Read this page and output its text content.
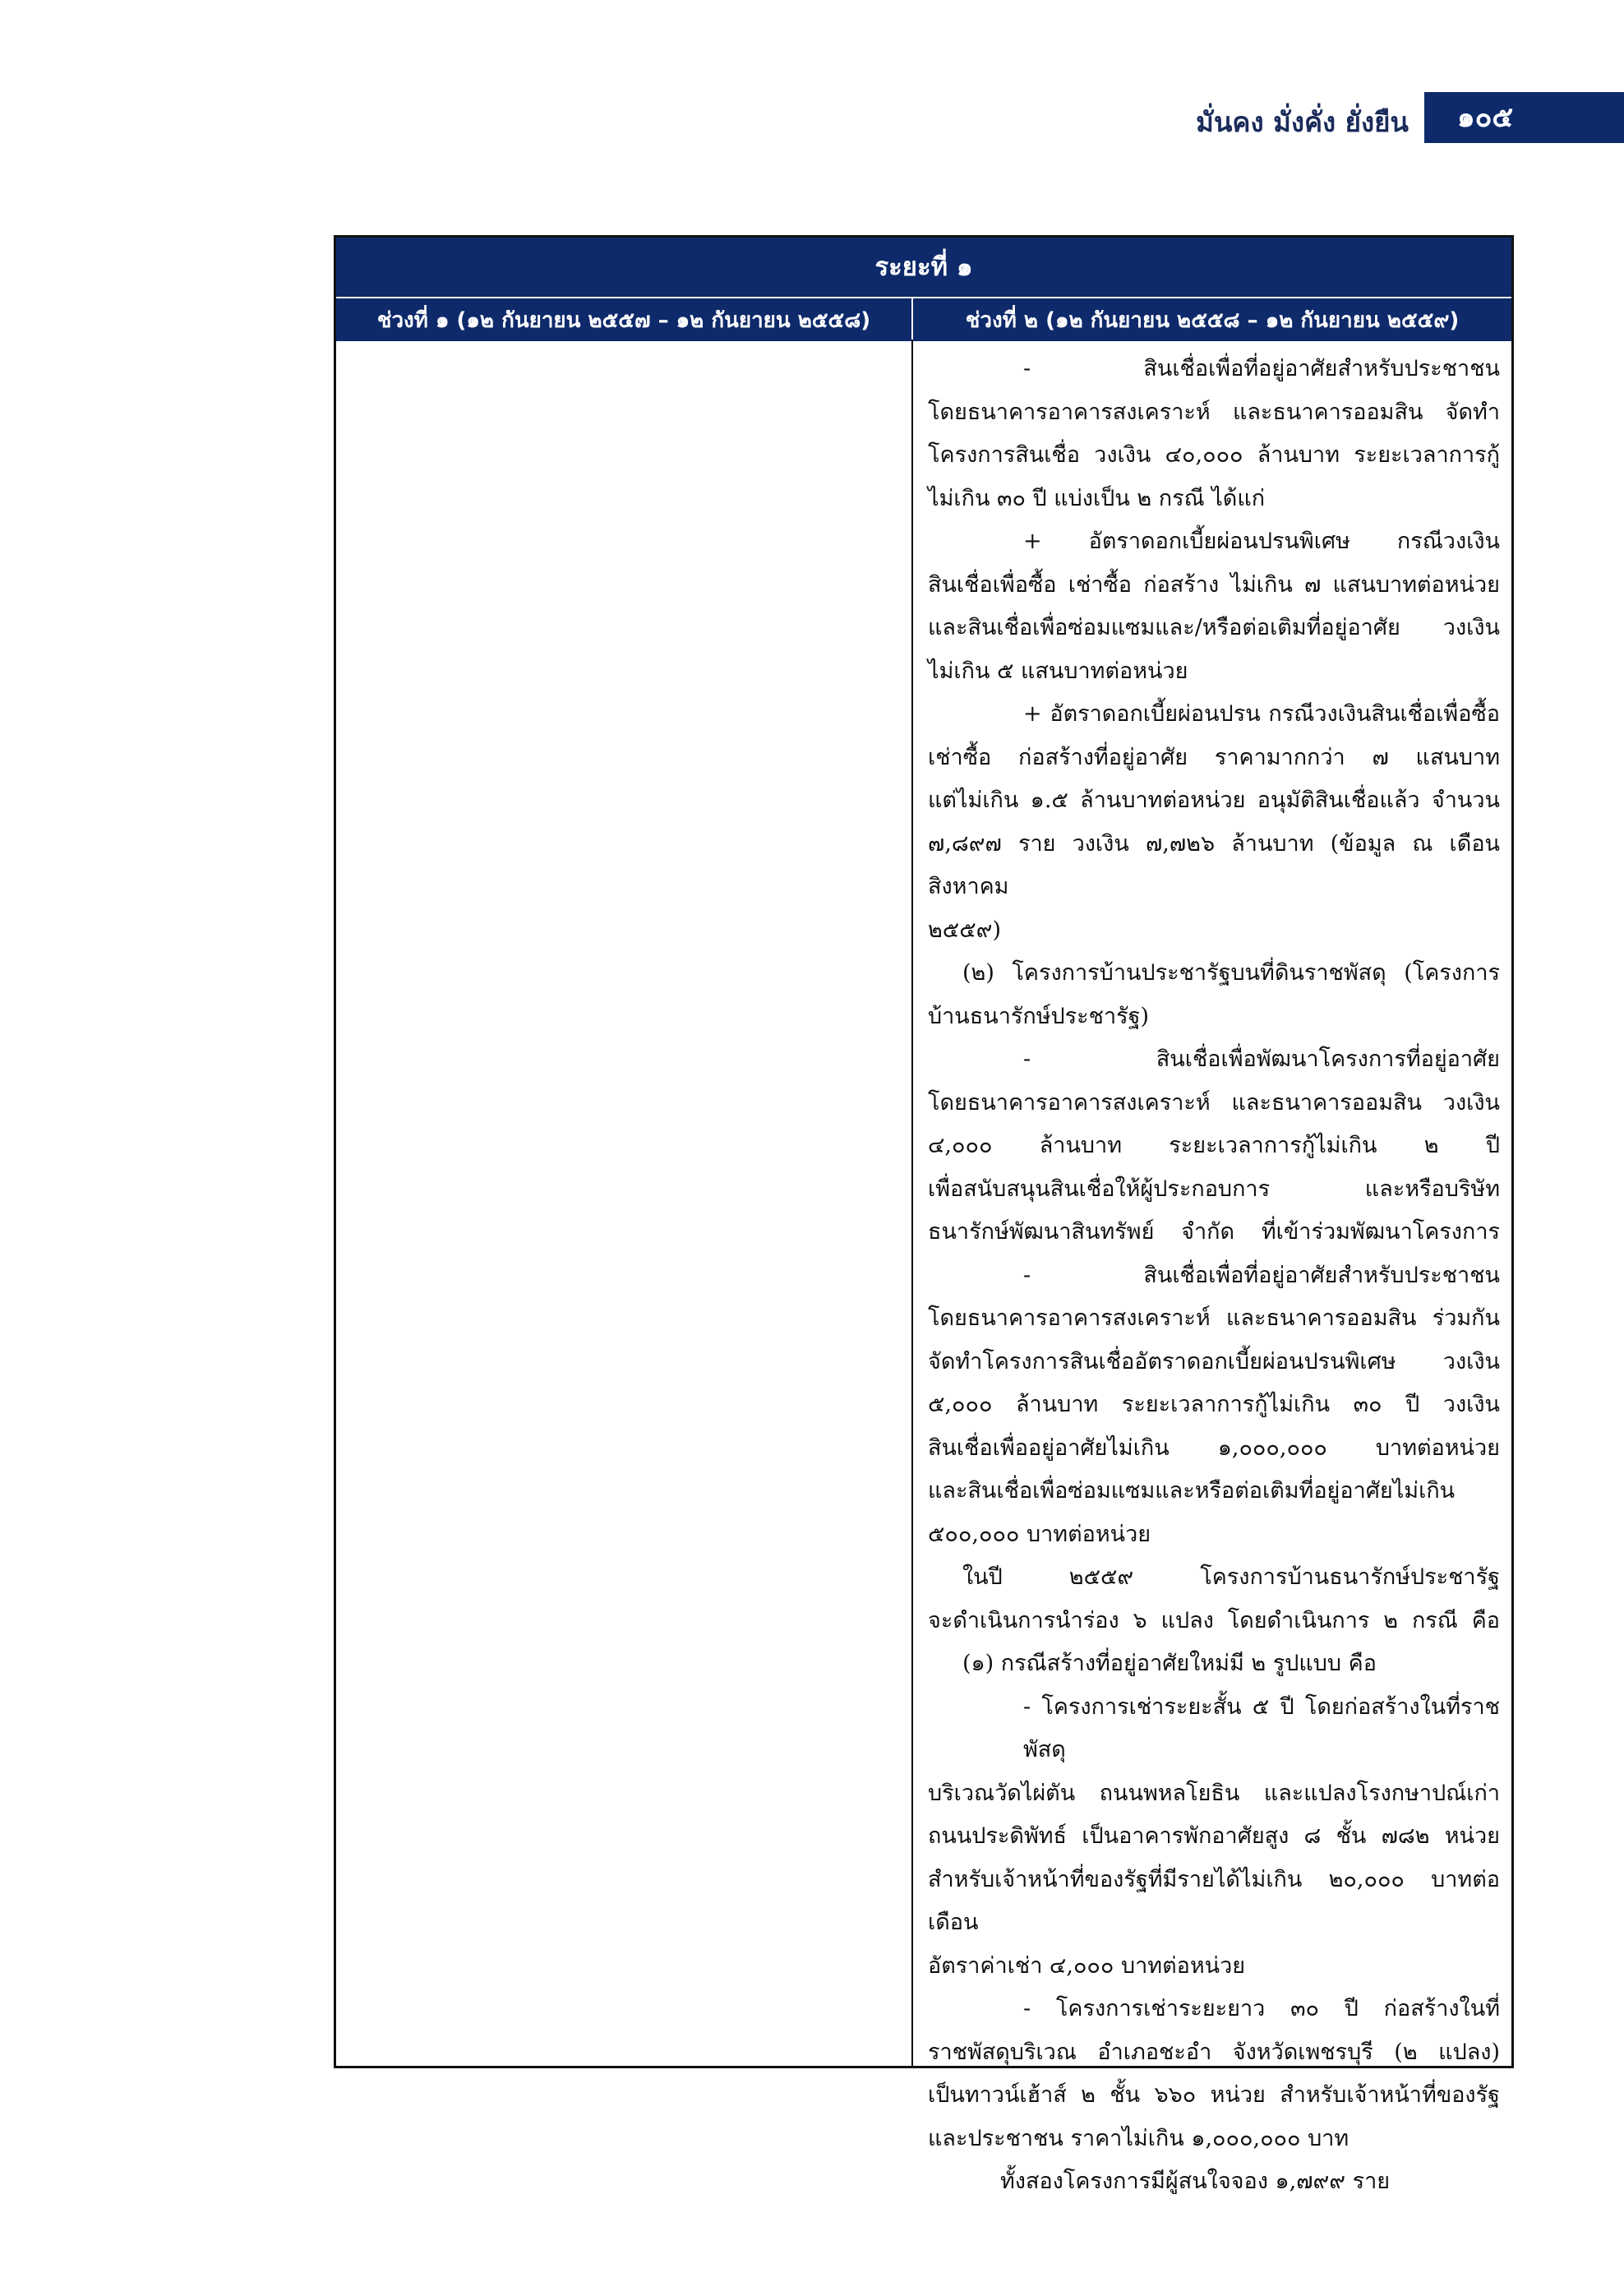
มั่นคง มั่งคั่ง ยั่งยืน	๑๐๕
ระยะที่ ๑
ช่วงที่ ๑ (๑๒ กันยายน ๒๕๕๗ – ๑๒ กันยายน ๒๕๕๘)	ช่วงที่ ๒ (๑๒ กันยายน ๒๕๕๘ – ๑๒ กันยายน ๒๕๕๙)
- สินเชื่อเพื่อที่อยู่อาศัยสำหรับประชาชน
โดยธนาคารอาคารสงเคราะห์ และธนาคารออมสิน จัดทำ
โครงการสินเชื่อ วงเงิน ๔๐,๐๐๐ ล้านบาท ระยะเวลาการกู้
ไม่เกิน ๓๐ ปี แบ่งเป็น ๒ กรณี ได้แก่
+ อัตราดอกเบี้ยผ่อนปรนพิเศษ กรณีวงเงิน
สินเชื่อเพื่อซื้อ เช่าซื้อ ก่อสร้าง ไม่เกิน ๗ แสนบาทต่อหน่วย
และสินเชื่อเพื่อซ่อมแซมและ/หรือต่อเติมที่อยู่อาศัย วงเงิน
ไม่เกิน ๕ แสนบาทต่อหน่วย
+ อัตราดอกเบี้ยผ่อนปรน กรณีวงเงินสินเชื่อเพื่อซื้อ
เช่าซื้อ ก่อสร้างที่อยู่อาศัย ราคามากกว่า ๗ แสนบาท
แต่ไม่เกิน ๑.๕ ล้านบาทต่อหน่วย อนุมัติสินเชื่อแล้ว จำนวน
๗,๘๙๗ ราย วงเงิน ๗,๗๒๖ ล้านบาท (ข้อมูล ณ เดือนสิงหาคม
๒๕๕๙)
(๒) โครงการบ้านประชารัฐบนที่ดินราชพัสดุ (โครงการ
บ้านธนารักษ์ประชารัฐ)
- สินเชื่อเพื่อพัฒนาโครงการที่อยู่อาศัย
โดยธนาคารอาคารสงเคราะห์ และธนาคารออมสิน วงเงิน
๔,๐๐๐ ล้านบาท ระยะเวลาการกู้ไม่เกิน ๒ ปี
เพื่อสนับสนุนสินเชื่อให้ผู้ประกอบการ และหรือบริษัท
ธนารักษ์พัฒนาสินทรัพย์ จำกัด ที่เข้าร่วมพัฒนาโครงการ
- สินเชื่อเพื่อที่อยู่อาศัยสำหรับประชาชน
โดยธนาคารอาคารสงเคราะห์ และธนาคารออมสิน ร่วมกัน
จัดทำโครงการสินเชื่ออัตราดอกเบี้ยผ่อนปรนพิเศษ วงเงิน
๕,๐๐๐ ล้านบาท ระยะเวลาการกู้ไม่เกิน ๓๐ ปี วงเงิน
สินเชื่อเพื่ออยู่อาศัยไม่เกิน ๑,๐๐๐,๐๐๐ บาทต่อหน่วย
และสินเชื่อเพื่อซ่อมแซมและหรือต่อเติมที่อยู่อาศัยไม่เกิน
๕๐๐,๐๐๐ บาทต่อหน่วย
ในปี ๒๕๕๙ โครงการบ้านธนารักษ์ประชารัฐ
จะดำเนินการนำร่อง ๖ แปลง โดยดำเนินการ ๒ กรณี คือ
(๑) กรณีสร้างที่อยู่อาศัยใหม่มี ๒ รูปแบบ คือ
- โครงการเช่าระยะสั้น ๕ ปี โดยก่อสร้างในที่ราชพัสดุ
บริเวณวัดไผ่ตัน ถนนพหลโยธิน และแปลงโรงกษาปณ์เก่า
ถนนประดิพัทธ์ เป็นอาคารพักอาศัยสูง ๘ ชั้น ๗๘๒ หน่วย
สำหรับเจ้าหน้าที่ของรัฐที่มีรายได้ไม่เกิน ๒๐,๐๐๐ บาทต่อเดือน
อัตราค่าเช่า ๔,๐๐๐ บาทต่อหน่วย
- โครงการเช่าระยะยาว ๓๐ ปี ก่อสร้างในที่
ราชพัสดุบริเวณ อำเภอชะอำ จังหวัดเพชรบุรี (๒ แปลง)
เป็นทาวน์เฮ้าส์ ๒ ชั้น ๖๖๐ หน่วย สำหรับเจ้าหน้าที่ของรัฐ
และประชาชน ราคาไม่เกิน ๑,๐๐๐,๐๐๐ บาท
ทั้งสองโครงการมีผู้สนใจจอง ๑,๗๙๙ ราย
